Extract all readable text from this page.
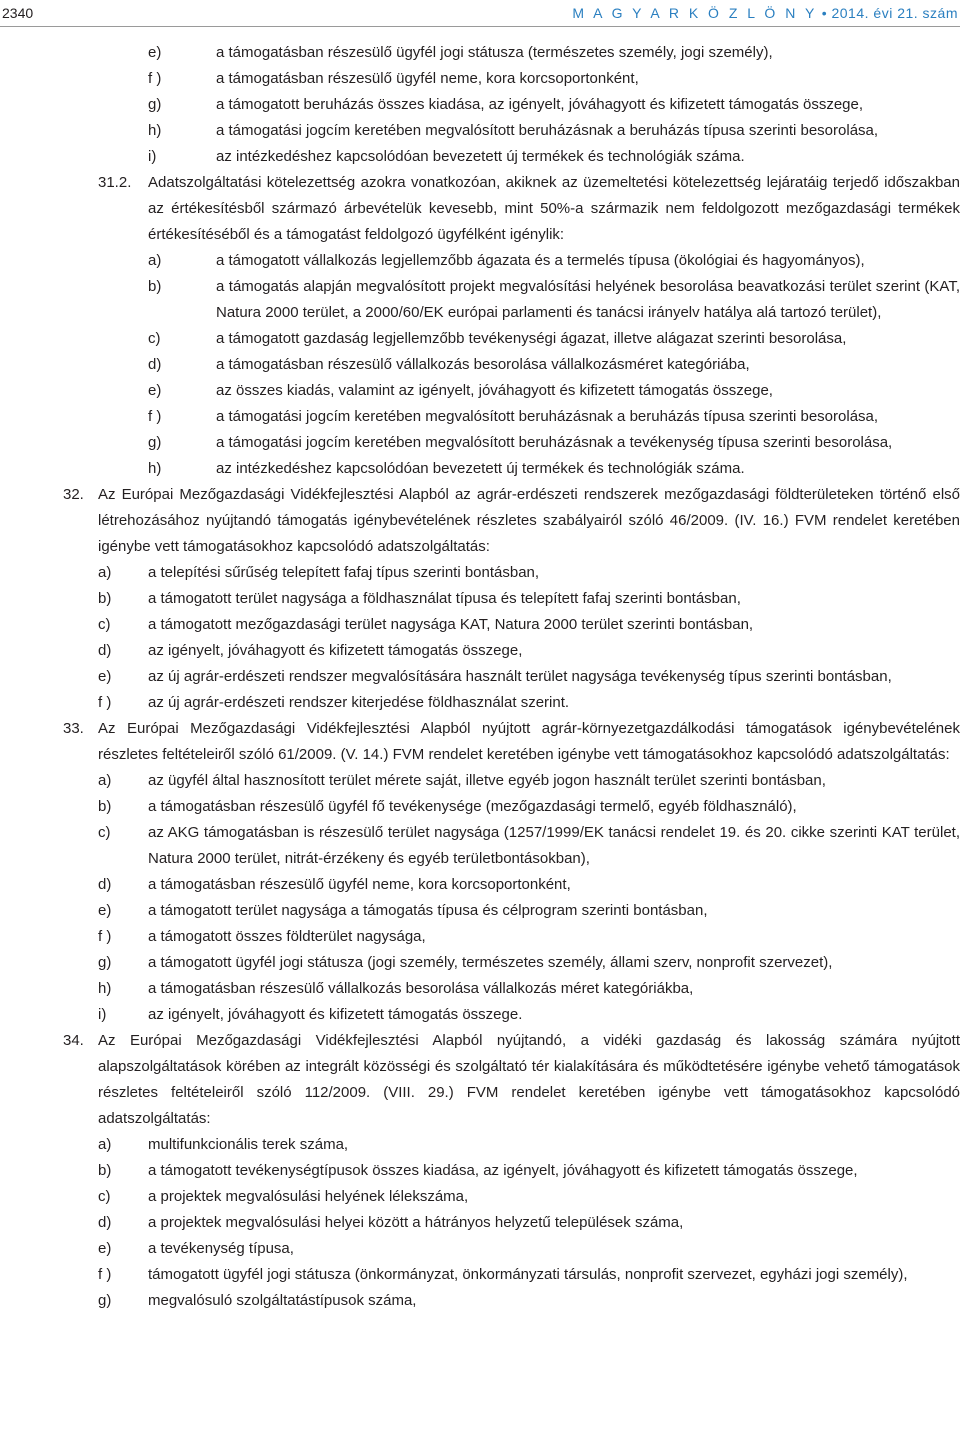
2340	M A G Y A R K Ö Z L Ö N Y • 2014. évi 21. szám
e)	a támogatásban részesülő ügyfél jogi státusza (természetes személy, jogi személy),
f )	a támogatásban részesülő ügyfél neme, kora korcsoportonként,
g)	a támogatott beruházás összes kiadása, az igényelt, jóváhagyott és kifizetett támogatás összege,
h)	a támogatási jogcím keretében megvalósított beruházásnak a beruházás típusa szerinti besorolása,
i)	az intézkedéshez kapcsolódóan bevezetett új termékek és technológiák száma.
31.2. Adatszolgáltatási kötelezettség azokra vonatkozóan, akiknek az üzemeltetési kötelezettség lejáratáig terjedő időszakban az értékesítésből származó árbevételük kevesebb, mint 50%-a származik nem feldolgozott mezőgazdasági termékek értékesítéséből és a támogatást feldolgozó ügyfélként igénylik:
a)	a támogatott vállalkozás legjellemzőbb ágazata és a termelés típusa (ökológiai és hagyományos),
b)	a támogatás alapján megvalósított projekt megvalósítási helyének besorolása beavatkozási terület szerint (KAT, Natura 2000 terület, a 2000/60/EK európai parlamenti és tanácsi irányelv hatálya alá tartozó terület),
c)	a támogatott gazdaság legjellemzőbb tevékenységi ágazat, illetve alágazat szerinti besorolása,
d)	a támogatásban részesülő vállalkozás besorolása vállalkozásméret kategóriába,
e)	az összes kiadás, valamint az igényelt, jóváhagyott és kifizetett támogatás összege,
f )	a támogatási jogcím keretében megvalósított beruházásnak a beruházás típusa szerinti besorolása,
g)	a támogatási jogcím keretében megvalósított beruházásnak a tevékenység típusa szerinti besorolása,
h)	az intézkedéshez kapcsolódóan bevezetett új termékek és technológiák száma.
32. Az Európai Mezőgazdasági Vidékfejlesztési Alapból az agrár-erdészeti rendszerek mezőgazdasági földterületeken történő első létrehozásához nyújtandó támogatás igénybevételének részletes szabályairól szóló 46/2009. (IV. 16.) FVM rendelet keretében igénybe vett támogatásokhoz kapcsolódó adatszolgáltatás:
a) a telepítési sűrűség telepített fafaj típus szerinti bontásban,
b) a támogatott terület nagysága a földhasználat típusa és telepített fafaj szerinti bontásban,
c)	a támogatott mezőgazdasági terület nagysága KAT, Natura 2000 terület szerinti bontásban,
d) az igényelt, jóváhagyott és kifizetett támogatás összege,
e) az új agrár-erdészeti rendszer megvalósítására használt terület nagysága tevékenység típus szerinti bontásban,
f ) az új agrár-erdészeti rendszer kiterjedése földhasználat szerint.
33. Az Európai Mezőgazdasági Vidékfejlesztési Alapból nyújtott agrár-környezetgazdálkodási támogatások igénybevételének részletes feltételeiről szóló 61/2009. (V. 14.) FVM rendelet keretében igénybe vett támogatásokhoz kapcsolódó adatszolgáltatás:
a) az ügyfél által hasznosított terület mérete saját, illetve egyéb jogon használt terület szerinti bontásban,
b) a támogatásban részesülő ügyfél fő tevékenysége (mezőgazdasági termelő, egyéb földhasználó),
c)	az AKG támogatásban is részesülő terület nagysága (1257/1999/EK tanácsi rendelet 19. és 20. cikke szerinti KAT terület, Natura 2000 terület, nitrát-érzékeny és egyéb területbontásokban),
d) a támogatásban részesülő ügyfél neme, kora korcsoportonként,
e) a támogatott terület nagysága a támogatás típusa és célprogram szerinti bontásban,
f ) a támogatott összes földterület nagysága,
g) a támogatott ügyfél jogi státusza (jogi személy, természetes személy, állami szerv, nonprofit szervezet),
h) a támogatásban részesülő vállalkozás besorolása vállalkozás méret kategóriákba,
i)	az igényelt, jóváhagyott és kifizetett támogatás összege.
34. Az Európai Mezőgazdasági Vidékfejlesztési Alapból nyújtandó, a vidéki gazdaság és lakosság számára nyújtott alapszolgáltatások körében az integrált közösségi és szolgáltató tér kialakítására és működtetésére igénybe vehető támogatások részletes feltételeiről szóló 112/2009. (VIII. 29.) FVM rendelet keretében igénybe vett támogatásokhoz kapcsolódó adatszolgáltatás:
a) multifunkcionális terek száma,
b) a támogatott tevékenységtípusok összes kiadása, az igényelt, jóváhagyott és kifizetett támogatás összege,
c)	a projektek megvalósulási helyének lélekszáma,
d) a projektek megvalósulási helyei között a hátrányos helyzetű települések száma,
e) a tevékenység típusa,
f ) támogatott ügyfél jogi státusza (önkormányzat, önkormányzati társulás, nonprofit szervezet, egyházi jogi személy),
g) megvalósuló szolgáltatástípusok száma,
